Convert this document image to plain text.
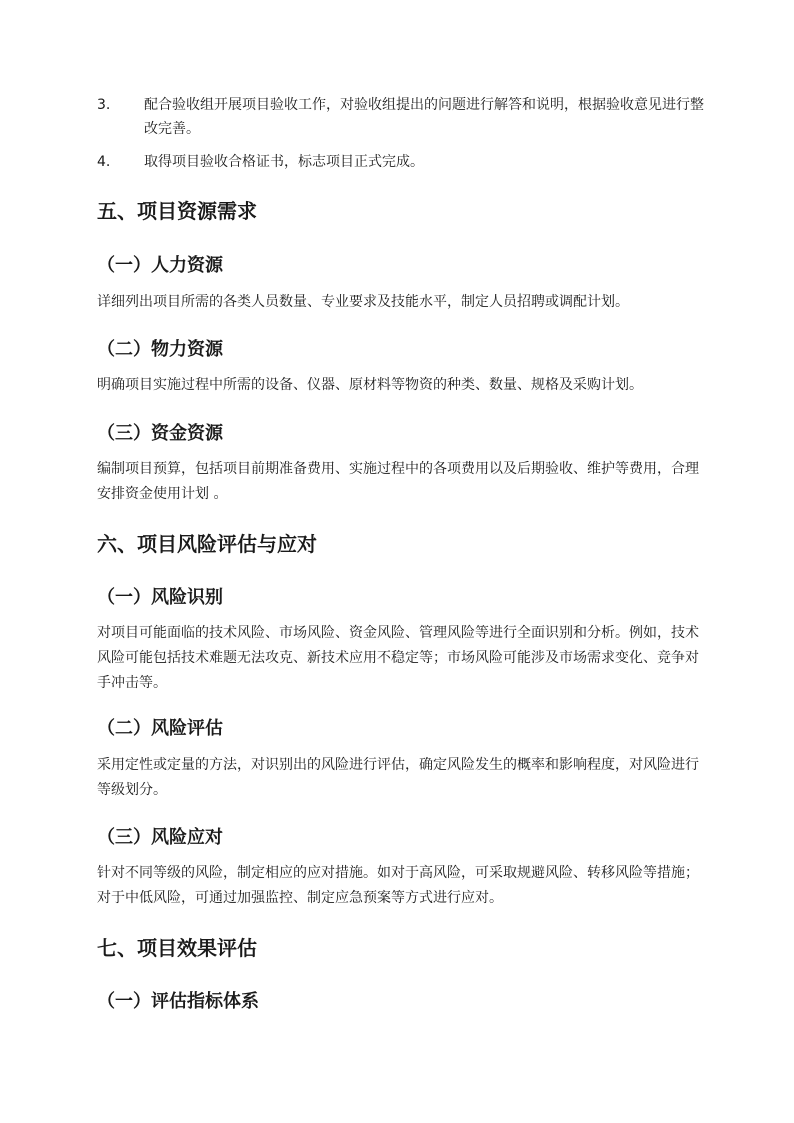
3. 配合验收组开展项目验收工作，对验收组提出的问题进行解答和说明，根据验收意见进行整改完善。
4. 取得项目验收合格证书，标志项目正式完成。
五、项目资源需求
（一）人力资源
详细列出项目所需的各类人员数量、专业要求及技能水平，制定人员招聘或调配计划。
（二）物力资源
明确项目实施过程中所需的设备、仪器、原材料等物资的种类、数量、规格及采购计划。
（三）资金资源
编制项目预算，包括项目前期准备费用、实施过程中的各项费用以及后期验收、维护等费用，合理安排资金使用计划 。
六、项目风险评估与应对
（一）风险识别
对项目可能面临的技术风险、市场风险、资金风险、管理风险等进行全面识别和分析。例如，技术风险可能包括技术难题无法攻克、新技术应用不稳定等；市场风险可能涉及市场需求变化、竞争对手冲击等。
（二）风险评估
采用定性或定量的方法，对识别出的风险进行评估，确定风险发生的概率和影响程度，对风险进行等级划分。
（三）风险应对
针对不同等级的风险，制定相应的应对措施。如对于高风险，可采取规避风险、转移风险等措施；对于中低风险，可通过加强监控、制定应急预案等方式进行应对。
七、项目效果评估
（一）评估指标体系
